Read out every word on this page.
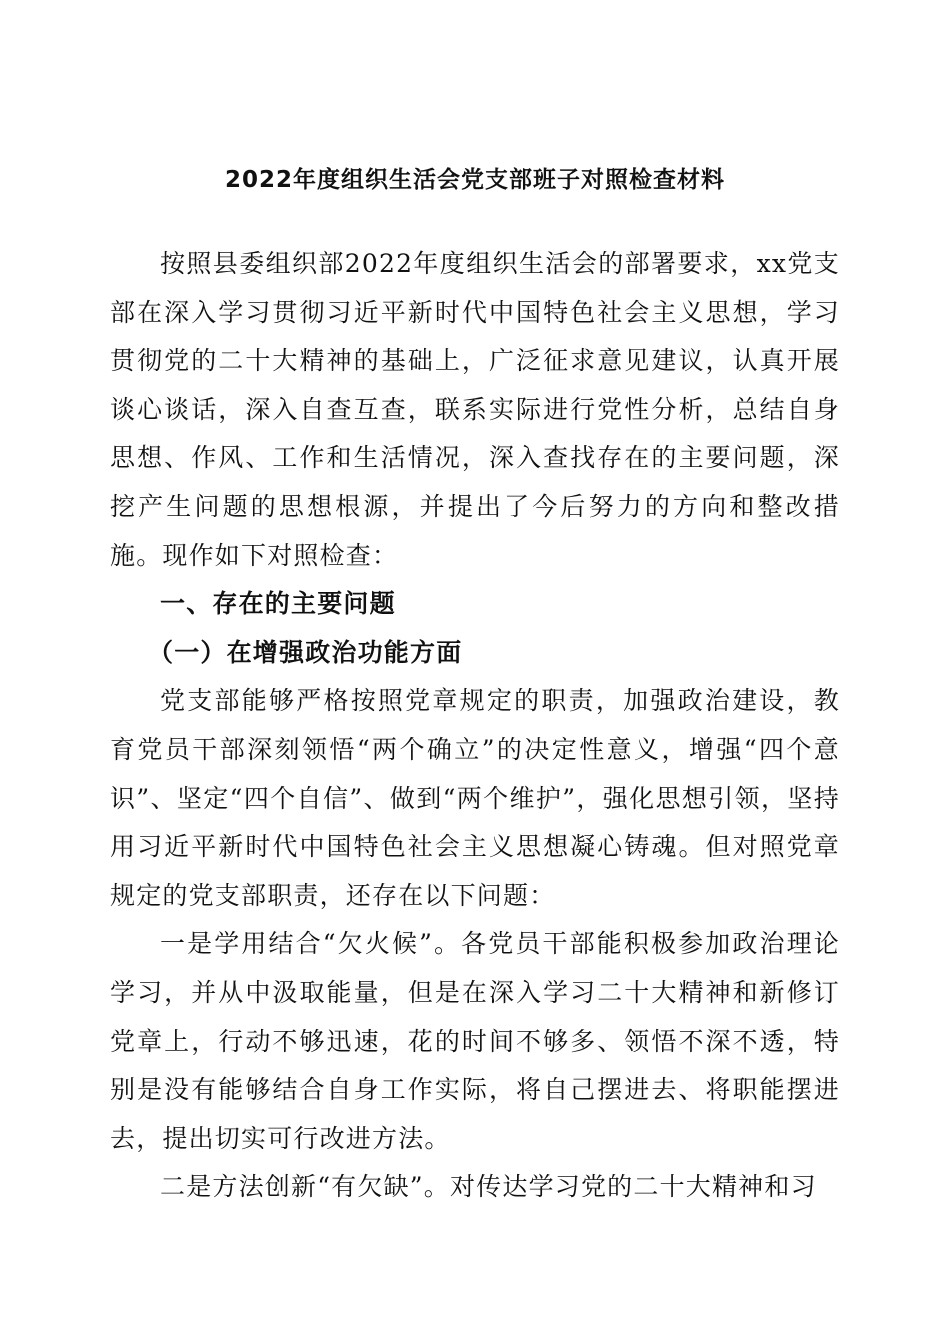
2022年度组织生活会党支部班子对照检查材料

按照县委组织部2022年度组织生活会的部署要求，xx党支部在深入学习贯彻习近平新时代中国特色社会主义思想，学习贯彻党的二十大精神的基础上，广泛征求意见建议，认真开展谈心谈话，深入自查互查，联系实际进行党性分析，总结自身思想、作风、工作和生活情况，深入查找存在的主要问题，深挖产生问题的思想根源，并提出了今后努力的方向和整改措施。现作如下对照检查：

一、存在的主要问题

（一）在增强政治功能方面

党支部能够严格按照党章规定的职责，加强政治建设，教育党员干部深刻领悟“两个确立”的决定性意义，增强“四个意识”、坚定“四个自信”、做到“两个维护”，强化思想引领，坚持用习近平新时代中国特色社会主义思想凝心铸魂。但对照党章规定的党支部职责，还存在以下问题：

一是学用结合“欠火候”。各党员干部能积极参加政治理论学习，并从中汲取能量，但是在深入学习二十大精神和新修订党章上，行动不够迅速，花的时间不够多、领悟不深不透，特别是没有能够结合自身工作实际，将自己摆进去、将职能摆进去，提出切实可行改进方法。

二是方法创新“有欠缺”。对传达学习党的二十大精神和习
